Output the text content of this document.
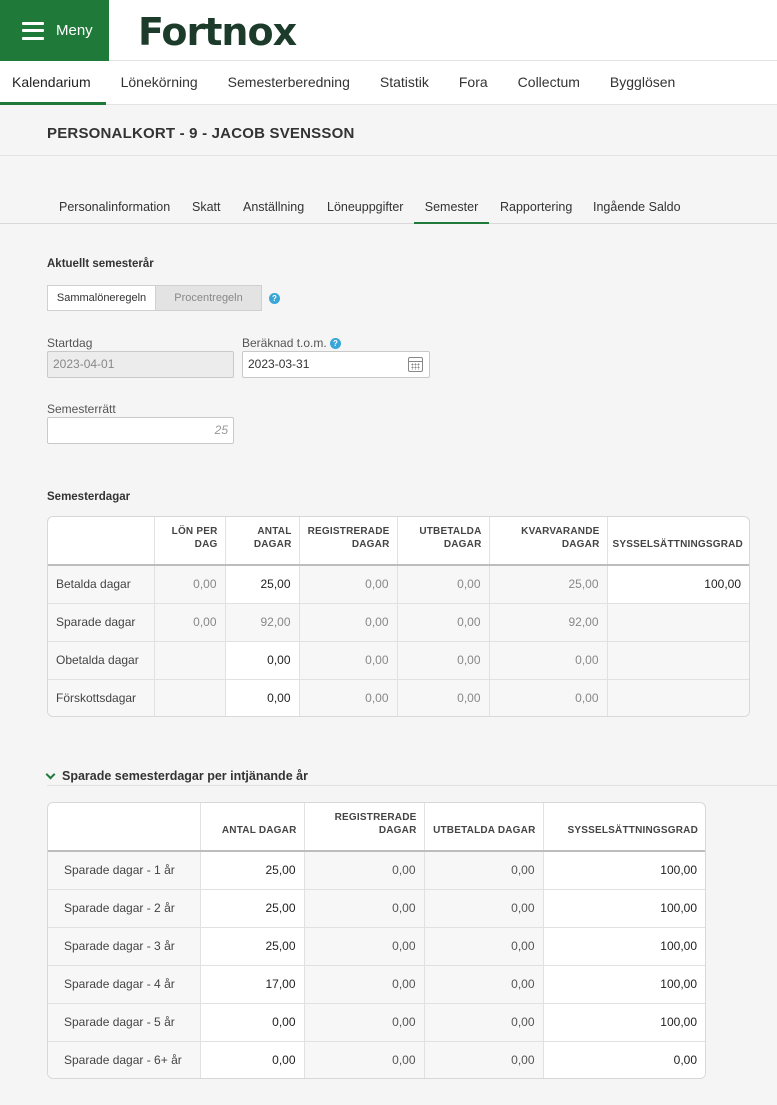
Meny Fortnox
Kalendarium	Lönekörning	Semesterberedning	Statistik	Fora	Collectum	Bygglösen
PERSONALKORT - 9 - JACOB SVENSSON
Personalinformation Skatt Anställning Löneuppgifter	Semester	Rapportering Ingående Saldo
Aktuellt semesterår
Sammalöneregeln	Procentregeln	?
Startdag
2023-04-01
Beräknad t.o.m. ?
2023-03-31
Semesterrätt
25
Semesterdagar
	LÖN PER DAG	ANTAL DAGAR	REGISTRERADE DAGAR	UTBETALDA DAGAR	KVARVARANDE DAGAR	SYSSELSÄTTNINGSGRAD
Betalda dagar	0,00	25,00	0,00	0,00	25,00	100,00
Sparade dagar	0,00	92,00	0,00	0,00	92,00	
Obetalda dagar		0,00	0,00	0,00	0,00	
Förskottsdagar		0,00	0,00	0,00	0,00	
Sparade semesterdagar per intjänande år
	ANTAL DAGAR	REGISTRERADE DAGAR	UTBETALDA DAGAR	SYSSELSÄTTNINGSGRAD
Sparade dagar - 1 år	25,00	0,00	0,00	100,00
Sparade dagar - 2 år	25,00	0,00	0,00	100,00
Sparade dagar - 3 år	25,00	0,00	0,00	100,00
Sparade dagar - 4 år	17,00	0,00	0,00	100,00
Sparade dagar - 5 år	0,00	0,00	0,00	100,00
Sparade dagar - 6+ år	0,00	0,00	0,00	0,00
